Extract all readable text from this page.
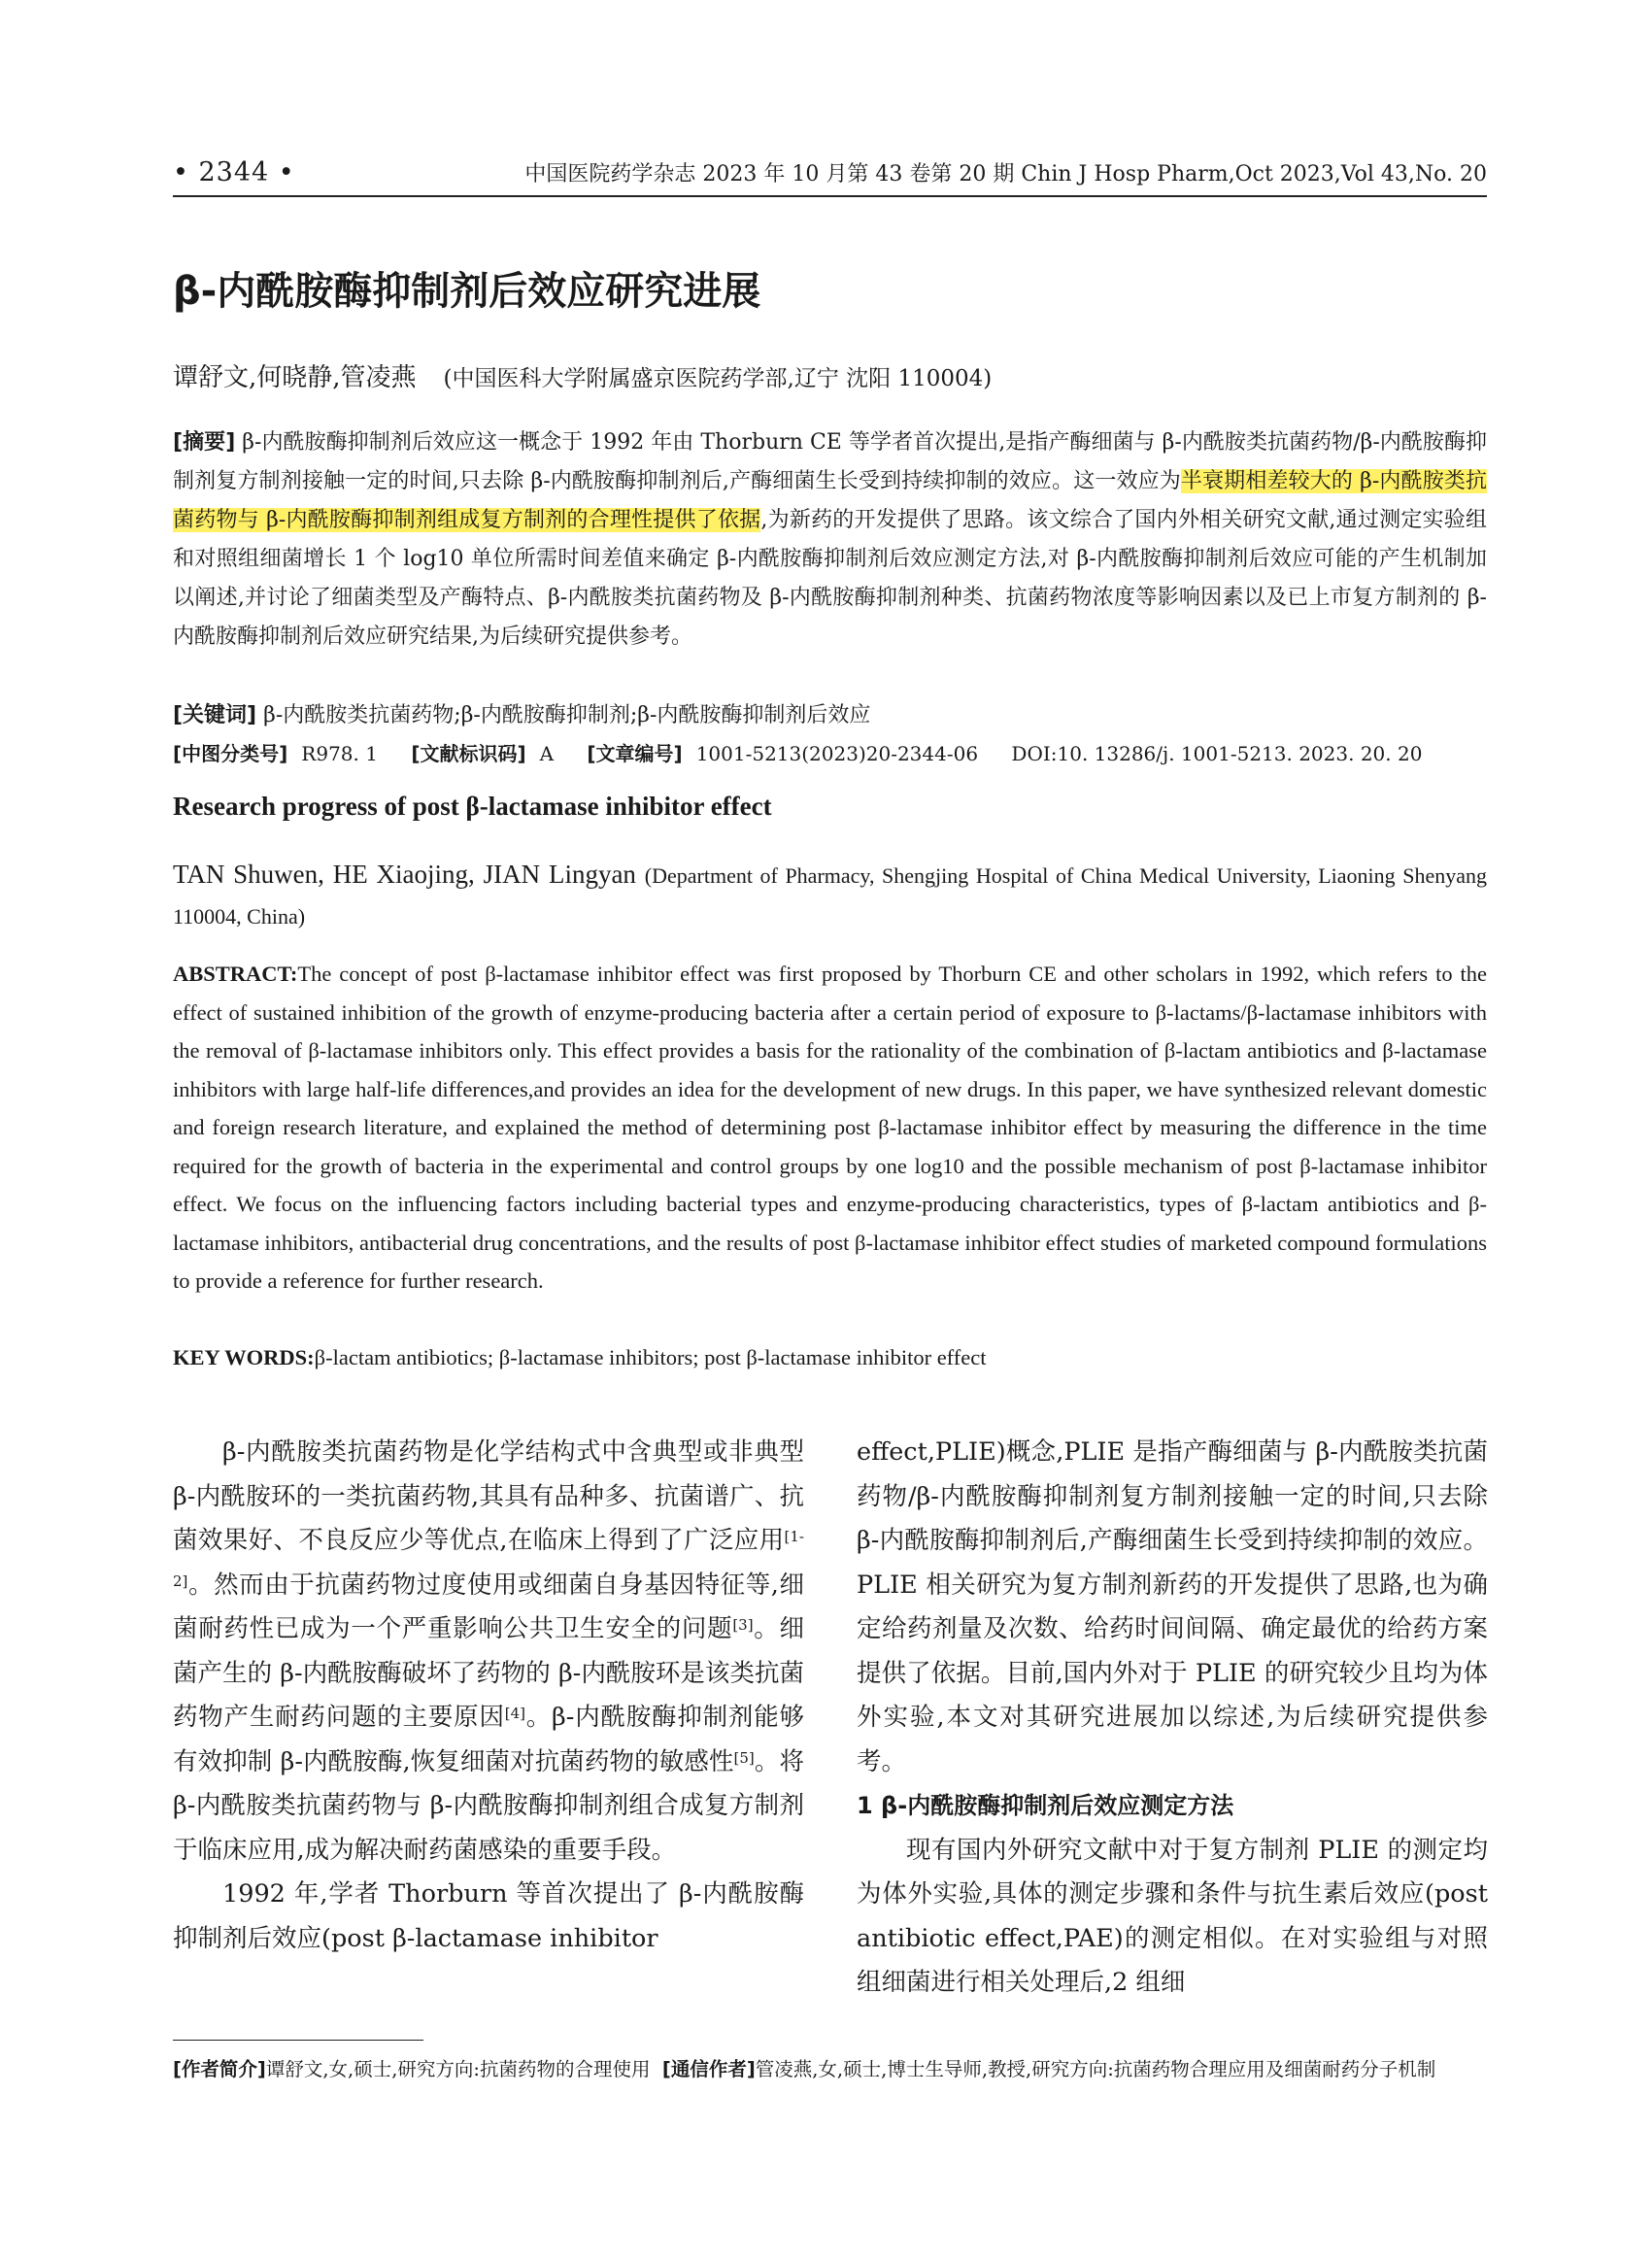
• 2344 •	中国医院药学杂志 2023 年 10 月第 43 卷第 20 期 Chin J Hosp Pharm,Oct 2023,Vol 43,No. 20
β-内酰胺酶抑制剂后效应研究进展
谭舒文,何晓静,管凌燕 (中国医科大学附属盛京医院药学部,辽宁 沈阳 110004)
[摘要] β-内酰胺酶抑制剂后效应这一概念于 1992 年由 Thorburn CE 等学者首次提出,是指产酶细菌与 β-内酰胺类抗菌药物/β-内酰胺酶抑制剂复方制剂接触一定的时间,只去除 β-内酰胺酶抑制剂后,产酶细菌生长受到持续抑制的效应。这一效应为半衰期相差较大的 β-内酰胺类抗菌药物与 β-内酰胺酶抑制剂组成复方制剂的合理性提供了依据,为新药的开发提供了思路。该文综合了国内外相关研究文献,通过测定实验组和对照组细菌增长 1 个 log10 单位所需时间差值来确定 β-内酰胺酶抑制剂后效应测定方法,对 β-内酰胺酶抑制剂后效应可能的产生机制加以阐述,并讨论了细菌类型及产酶特点、β-内酰胺类抗菌药物及 β-内酰胺酶抑制剂种类、抗菌药物浓度等影响因素以及已上市复方制剂的 β-内酰胺酶抑制剂后效应研究结果,为后续研究提供参考。
[关键词] β-内酰胺类抗菌药物;β-内酰胺酶抑制剂;β-内酰胺酶抑制剂后效应
[中图分类号] R978. 1 [文献标识码] A [文章编号] 1001-5213(2023)20-2344-06 DOI:10. 13286/j. 1001-5213. 2023. 20. 20
Research progress of post β-lactamase inhibitor effect
TAN Shuwen, HE Xiaojing, JIAN Lingyan (Department of Pharmacy, Shengjing Hospital of China Medical University, Liaoning Shenyang 110004, China)
ABSTRACT:The concept of post β-lactamase inhibitor effect was first proposed by Thorburn CE and other scholars in 1992, which refers to the effect of sustained inhibition of the growth of enzyme-producing bacteria after a certain period of exposure to β-lactams/β-lactamase inhibitors with the removal of β-lactamase inhibitors only. This effect provides a basis for the rationality of the combination of β-lactam antibiotics and β-lactamase inhibitors with large half-life differences,and provides an idea for the development of new drugs. In this paper, we have synthesized relevant domestic and foreign research literature, and explained the method of determining post β-lactamase inhibitor effect by measuring the difference in the time required for the growth of bacteria in the experimental and control groups by one log10 and the possible mechanism of post β-lactamase inhibitor effect. We focus on the influencing factors including bacterial types and enzyme-producing characteristics, types of β-lactam antibiotics and β-lactamase inhibitors, antibacterial drug concentrations, and the results of post β-lactamase inhibitor effect studies of marketed compound formulations to provide a reference for further research.
KEY WORDS:β-lactam antibiotics; β-lactamase inhibitors; post β-lactamase inhibitor effect

β-内酰胺类抗菌药物是化学结构式中含典型或非典型 β-内酰胺环的一类抗菌药物,其具有品种多、抗菌谱广、抗菌效果好、不良反应少等优点,在临床上得到了广泛应用[1-2]。然而由于抗菌药物过度使用或细菌自身基因特征等,细菌耐药性已成为一个严重影响公共卫生安全的问题[3]。细菌产生的 β-内酰胺酶破坏了药物的 β-内酰胺环是该类抗菌药物产生耐药问题的主要原因[4]。β-内酰胺酶抑制剂能够有效抑制 β-内酰胺酶,恢复细菌对抗菌药物的敏感性[5]。将 β-内酰胺类抗菌药物与 β-内酰胺酶抑制剂组合成复方制剂于临床应用,成为解决耐药菌感染的重要手段。

1992 年,学者 Thorburn 等首次提出了 β-内酰胺酶抑制剂后效应(post β-lactamase inhibitor

effect,PLIE)概念,PLIE 是指产酶细菌与 β-内酰胺类抗菌药物/β-内酰胺酶抑制剂复方制剂接触一定的时间,只去除 β-内酰胺酶抑制剂后,产酶细菌生长受到持续抑制的效应。PLIE 相关研究为复方制剂新药的开发提供了思路,也为确定给药剂量及次数、给药时间间隔、确定最优的给药方案提供了依据。目前,国内外对于 PLIE 的研究较少且均为体外实验,本文对其研究进展加以综述,为后续研究提供参考。

1 β-内酰胺酶抑制剂后效应测定方法

现有国内外研究文献中对于复方制剂 PLIE 的测定均为体外实验,具体的测定步骤和条件与抗生素后效应(post antibiotic effect,PAE)的测定相似。在对实验组与对照组细菌进行相关处理后,2 组细

[作者简介]谭舒文,女,硕士,研究方向:抗菌药物的合理使用 [通信作者]管凌燕,女,硕士,博士生导师,教授,研究方向:抗菌药物合理应用及细菌耐药分子机制
